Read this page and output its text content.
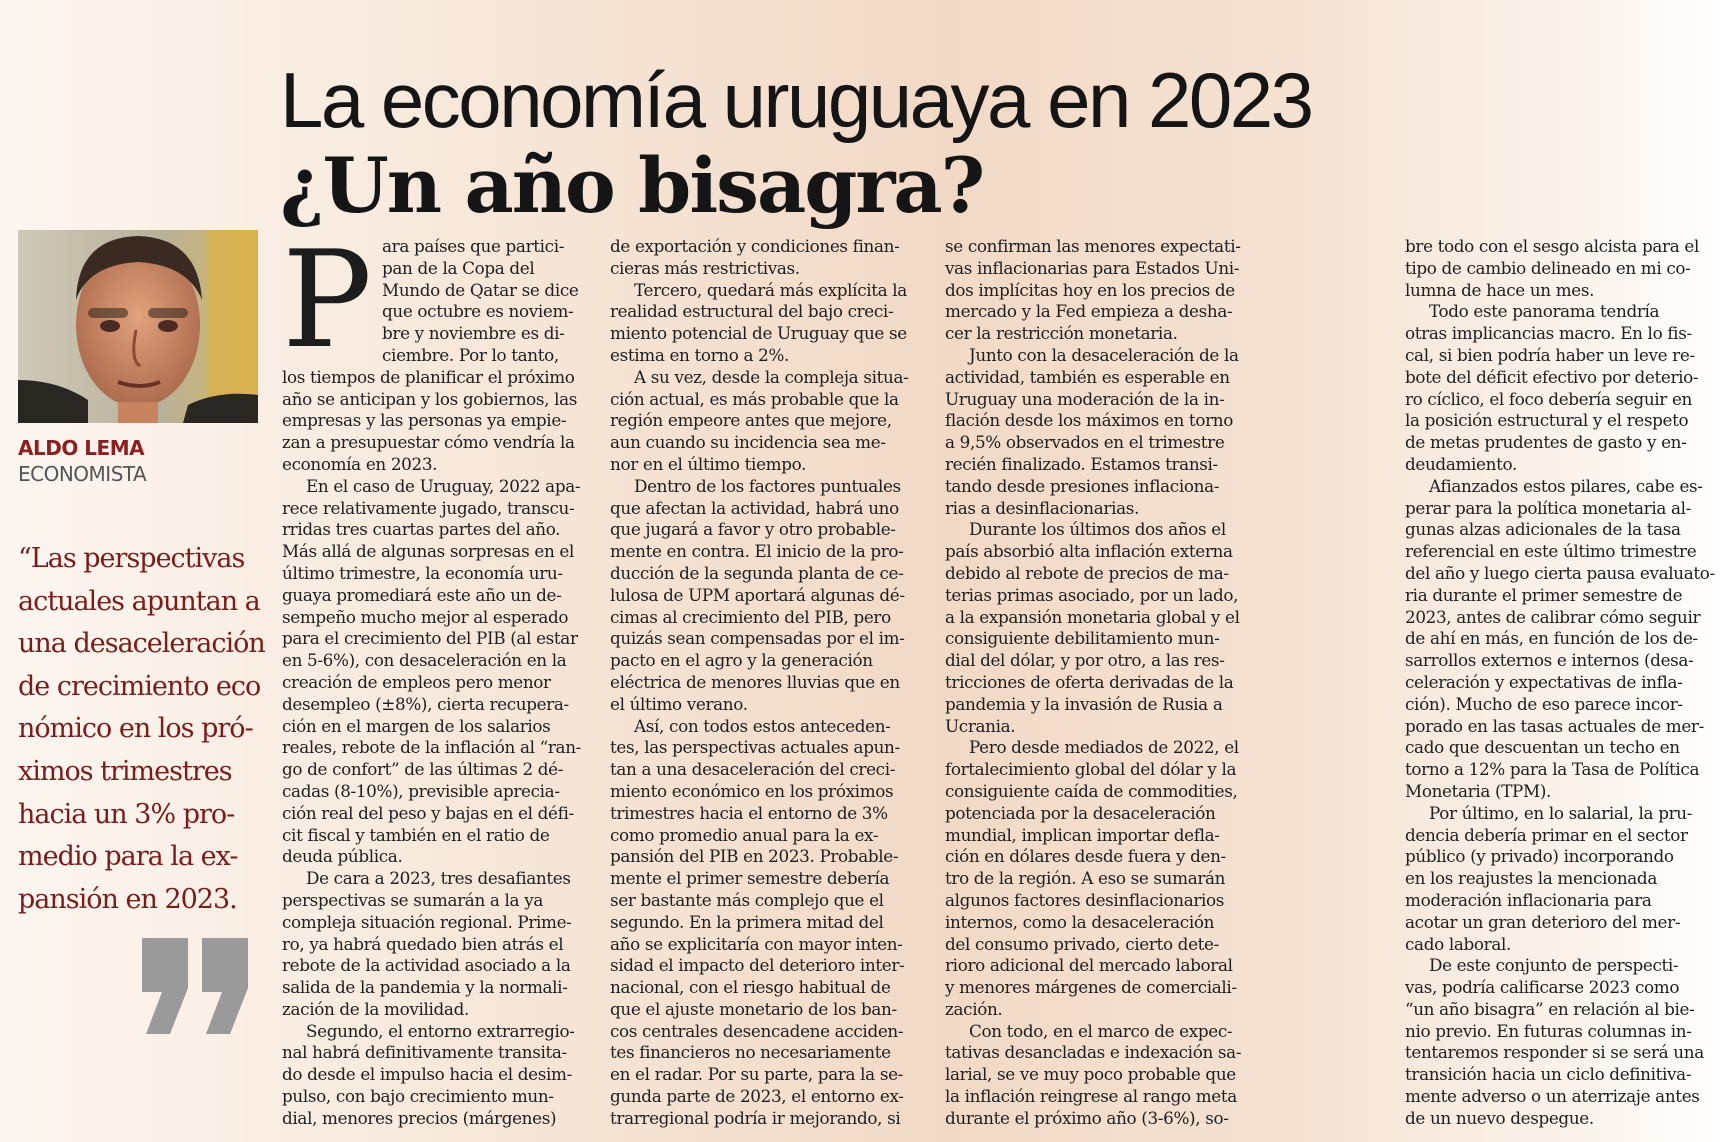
La economía uruguaya en 2023
¿Un año bisagra?
ALDO LEMA
ECONOMISTA

“Las perspectivas

actuales apuntan a

una desaceleración

de crecimiento eco

nómico en los pró-

ximos trimestres

hacia un 3% pro-

medio para la ex-

pansión en 2023.

P ara países que partici-

pan de la Copa del

Mundo de Qatar se dice

que octubre es noviem-

bre y noviembre es di-

ciembre. Por lo tanto,

los tiempos de planificar el próximo

año se anticipan y los gobiernos, las

empresas y las personas ya empie-

zan a presupuestar cómo vendría la

economía en 2023.

En el caso de Uruguay, 2022 apa-

rece relativamente jugado, transcu-

rridas tres cuartas partes del año.

Más allá de algunas sorpresas en el

último trimestre, la economía uru-

guaya promediará este año un de-

sempeño mucho mejor al esperado

para el crecimiento del PIB (al estar

en 5-6%), con desaceleración en la

creación de empleos pero menor

desempleo (±8%), cierta recupera-

ción en el margen de los salarios

reales, rebote de la inflación al “ran-

go de confort” de las últimas 2 dé-

cadas (8-10%), previsible aprecia-

ción real del peso y bajas en el défi-

cit fiscal y también en el ratio de

deuda pública.

De cara a 2023, tres desafiantes

perspectivas se sumarán a la ya

compleja situación regional. Prime-

ro, ya habrá quedado bien atrás el

rebote de la actividad asociado a la

salida de la pandemia y la normali-

zación de la movilidad.

Segundo, el entorno extrarregio-

nal habrá definitivamente transita-

do desde el impulso hacia el desim-

pulso, con bajo crecimiento mun-

dial, menores precios (márgenes)

de exportación y condiciones finan-

cieras más restrictivas.

Tercero, quedará más explícita la

realidad estructural del bajo creci-

miento potencial de Uruguay que se

estima en torno a 2%.

A su vez, desde la compleja situa-

ción actual, es más probable que la

región empeore antes que mejore,

aun cuando su incidencia sea me-

nor en el último tiempo.

Dentro de los factores puntuales

que afectan la actividad, habrá uno

que jugará a favor y otro probable-

mente en contra. El inicio de la pro-

ducción de la segunda planta de ce-

lulosa de UPM aportará algunas dé-

cimas al crecimiento del PIB, pero

quizás sean compensadas por el im-

pacto en el agro y la generación

eléctrica de menores lluvias que en

el último verano.

Así, con todos estos anteceden-

tes, las perspectivas actuales apun-

tan a una desaceleración del creci-

miento económico en los próximos

trimestres hacia el entorno de 3%

como promedio anual para la ex-

pansión del PIB en 2023. Probable-

mente el primer semestre debería

ser bastante más complejo que el

segundo. En la primera mitad del

año se explicitaría con mayor inten-

sidad el impacto del deterioro inter-

nacional, con el riesgo habitual de

que el ajuste monetario de los ban-

cos centrales desencadene acciden-

tes financieros no necesariamente

en el radar. Por su parte, para la se-

gunda parte de 2023, el entorno ex-

trarregional podría ir mejorando, si

se confirman las menores expectati-

vas inflacionarias para Estados Uni-

dos implícitas hoy en los precios de

mercado y la Fed empieza a desha-

cer la restricción monetaria.

Junto con la desaceleración de la

actividad, también es esperable en

Uruguay una moderación de la in-

flación desde los máximos en torno

a 9,5% observados en el trimestre

recién finalizado. Estamos transi-

tando desde presiones inflaciona-

rias a desinflacionarias.

Durante los últimos dos años el

país absorbió alta inflación externa

debido al rebote de precios de ma-

terias primas asociado, por un lado,

a la expansión monetaria global y el

consiguiente debilitamiento mun-

dial del dólar, y por otro, a las res-

tricciones de oferta derivadas de la

pandemia y la invasión de Rusia a

Ucrania.

Pero desde mediados de 2022, el

fortalecimiento global del dólar y la

consiguiente caída de commodities,

potenciada por la desaceleración

mundial, implican importar defla-

ción en dólares desde fuera y den-

tro de la región. A eso se sumarán

algunos factores desinflacionarios

internos, como la desaceleración

del consumo privado, cierto dete-

rioro adicional del mercado laboral

y menores márgenes de comerciali-

zación.

Con todo, en el marco de expec-

tativas desancladas e indexación sa-

larial, se ve muy poco probable que

la inflación reingrese al rango meta

durante el próximo año (3-6%), so-

bre todo con el sesgo alcista para el

tipo de cambio delineado en mi co-

lumna de hace un mes.

Todo este panorama tendría

otras implicancias macro. En lo fis-

cal, si bien podría haber un leve re-

bote del déficit efectivo por deterio-

ro cíclico, el foco debería seguir en

la posición estructural y el respeto

de metas prudentes de gasto y en-

deudamiento.

Afianzados estos pilares, cabe es-

perar para la política monetaria al-

gunas alzas adicionales de la tasa

referencial en este último trimestre

del año y luego cierta pausa evaluato-

ria durante el primer semestre de

2023, antes de calibrar cómo seguir

de ahí en más, en función de los de-

sarrollos externos e internos (desa-

celeración y expectativas de infla-

ción). Mucho de eso parece incor-

porado en las tasas actuales de mer-

cado que descuentan un techo en

torno a 12% para la Tasa de Política

Monetaria (TPM).

Por último, en lo salarial, la pru-

dencia debería primar en el sector

público (y privado) incorporando

en los reajustes la mencionada

moderación inflacionaria para

acotar un gran deterioro del mer-

cado laboral.

De este conjunto de perspecti-

vas, podría calificarse 2023 como

“un año bisagra” en relación al bie-

nio previo. En futuras columnas in-

tentaremos responder si se será una

transición hacia un ciclo definitiva-

mente adverso o un aterrizaje antes

de un nuevo despegue.
